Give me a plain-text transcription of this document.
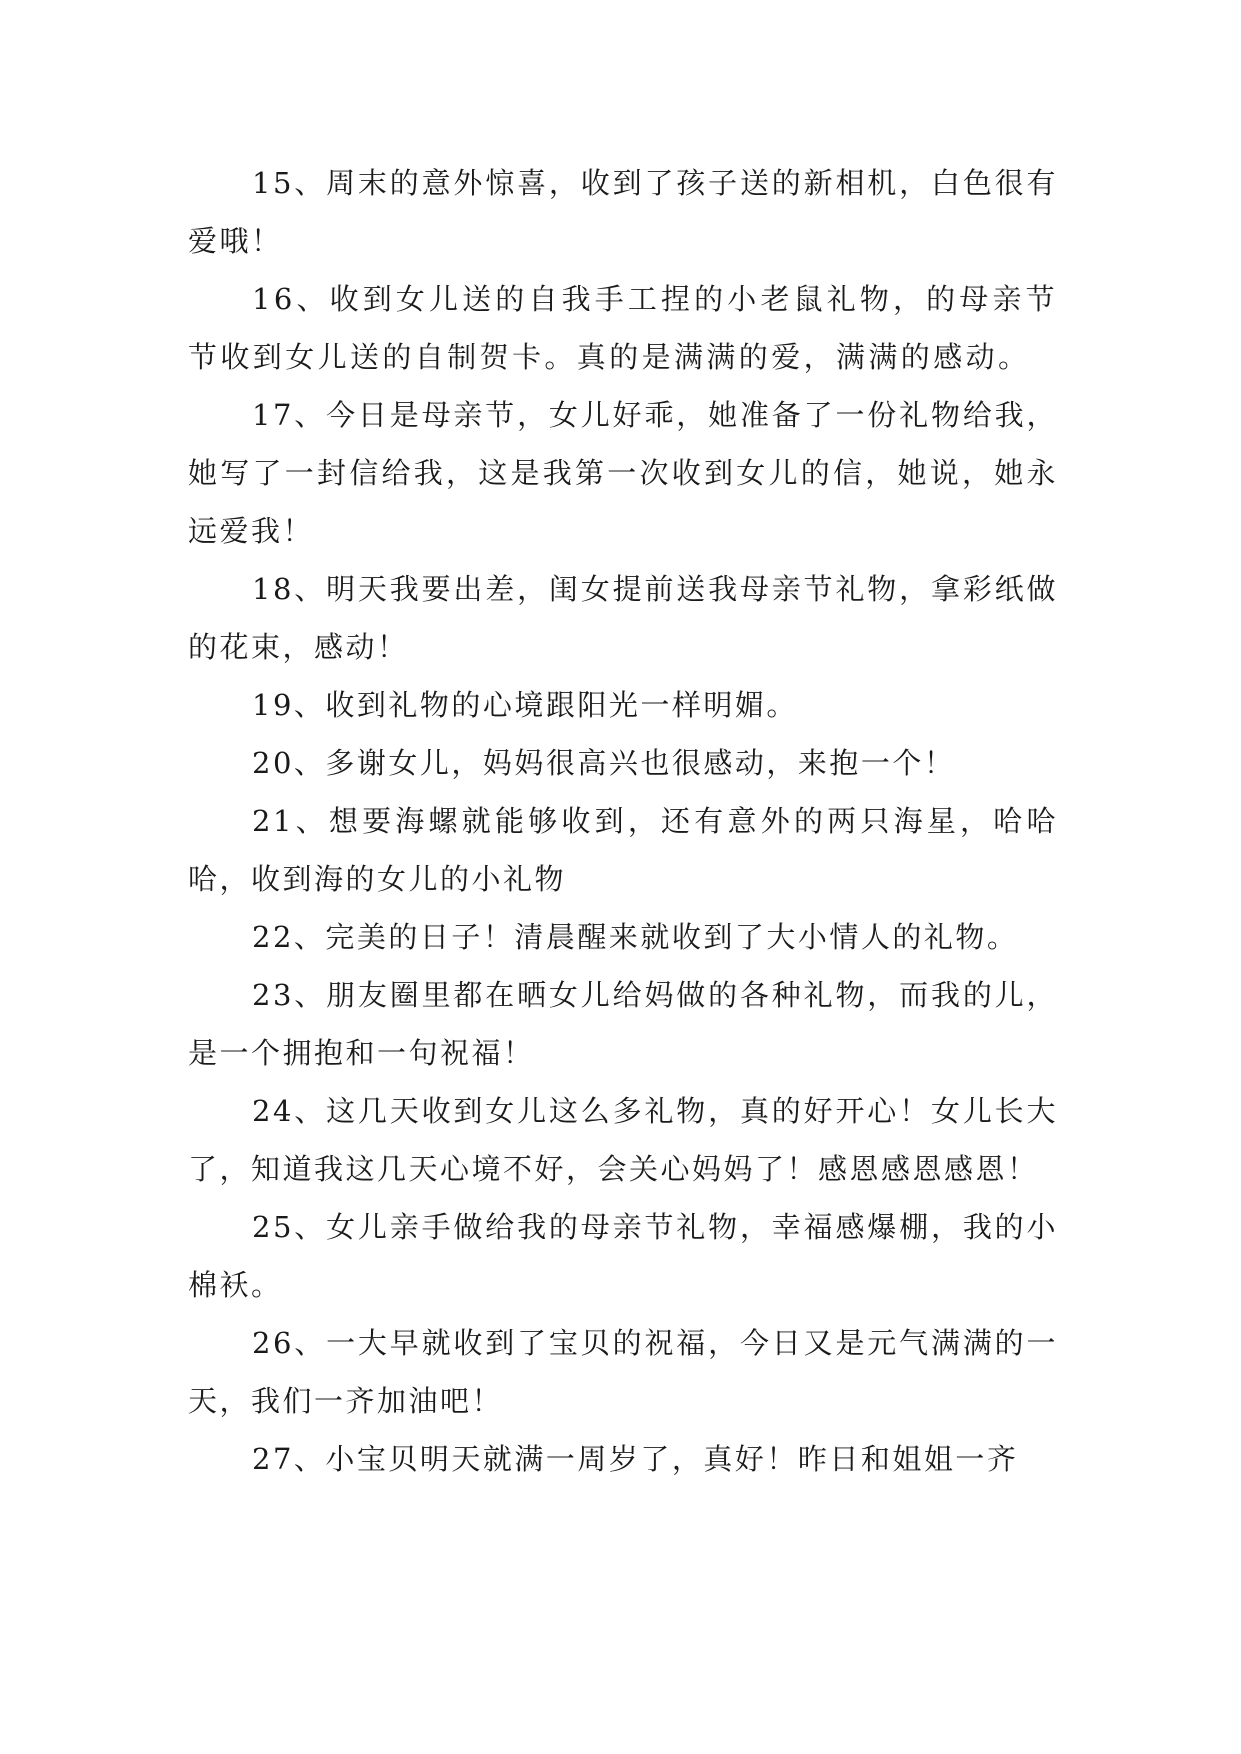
15、周末的意外惊喜，收到了孩子送的新相机，白色很有爱哦！

16、收到女儿送的自我手工捏的小老鼠礼物，的母亲节节收到女儿送的自制贺卡。真的是满满的爱，满满的感动。

17、今日是母亲节，女儿好乖，她准备了一份礼物给我，她写了一封信给我，这是我第一次收到女儿的信，她说，她永远爱我！

18、明天我要出差，闺女提前送我母亲节礼物，拿彩纸做的花束，感动！

19、收到礼物的心境跟阳光一样明媚。

20、多谢女儿，妈妈很高兴也很感动，来抱一个！

21、想要海螺就能够收到，还有意外的两只海星，哈哈哈，收到海的女儿的小礼物

22、完美的日子！清晨醒来就收到了大小情人的礼物。

23、朋友圈里都在晒女儿给妈做的各种礼物，而我的儿，是一个拥抱和一句祝福！

24、这几天收到女儿这么多礼物，真的好开心！女儿长大了，知道我这几天心境不好，会关心妈妈了！感恩感恩感恩！

25、女儿亲手做给我的母亲节礼物，幸福感爆棚，我的小棉袄。

26、一大早就收到了宝贝的祝福，今日又是元气满满的一天，我们一齐加油吧！

27、小宝贝明天就满一周岁了，真好！昨日和姐姐一齐
